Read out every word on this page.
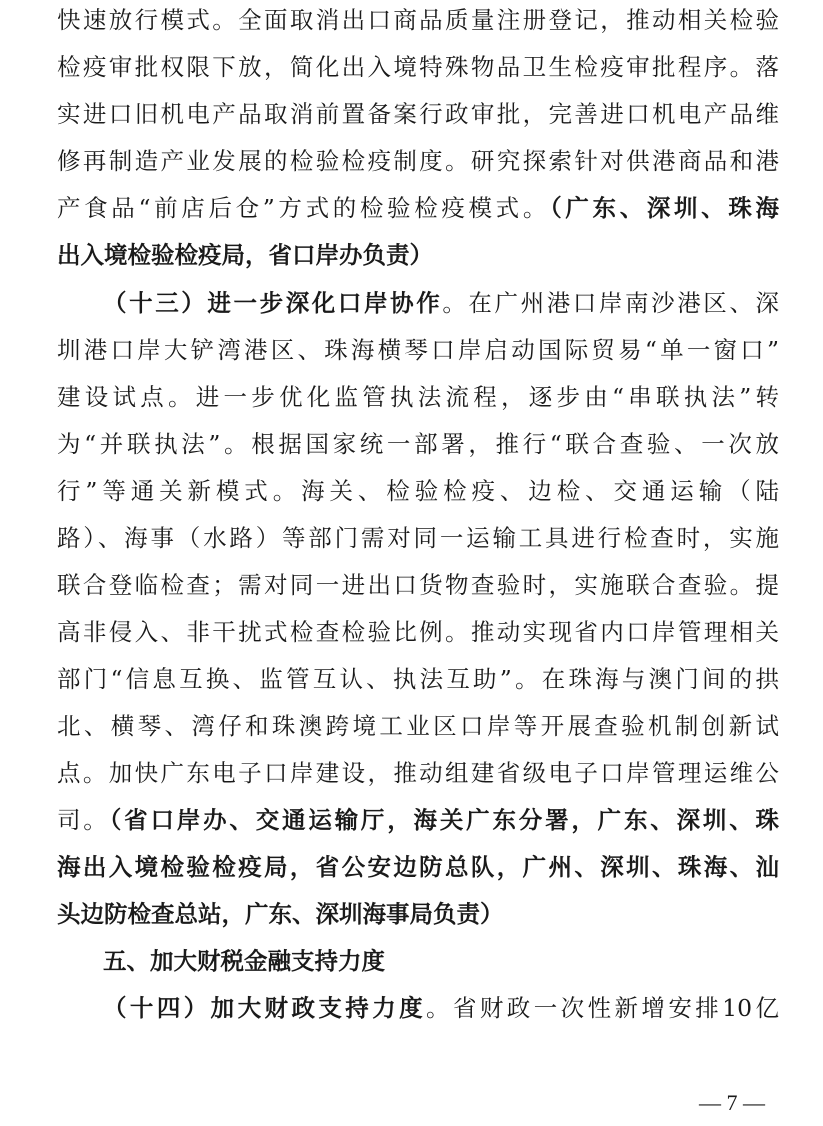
快速放行模式。全面取消出口商品质量注册登记，推动相关检验
检疫审批权限下放，简化出入境特殊物品卫生检疫审批程序。落
实进口旧机电产品取消前置备案行政审批，完善进口机电产品维
修再制造产业发展的检验检疫制度。研究探索针对供港商品和港
产食品“前店后仓”方式的检验检疫模式。（广东、深圳、珠海
出入境检验检疫局，省口岸办负责）
（十三）进一步深化口岸协作。在广州港口岸南沙港区、深
圳港口岸大铲湾港区、珠海横琴口岸启动国际贸易“单一窗口”
建设试点。进一步优化监管执法流程，逐步由“串联执法”转
为“并联执法”。根据国家统一部署，推行“联合查验、一次放
行”等通关新模式。海关、检验检疫、边检、交通运输（陆
路）、海事（水路）等部门需对同一运输工具进行检查时，实施
联合登临检查；需对同一进出口货物查验时，实施联合查验。提
高非侵入、非干扰式检查检验比例。推动实现省内口岸管理相关
部门“信息互换、监管互认、执法互助”。在珠海与澳门间的拱
北、横琴、湾仔和珠澳跨境工业区口岸等开展查验机制创新试
点。加快广东电子口岸建设，推动组建省级电子口岸管理运维公
司。（省口岸办、交通运输厅，海关广东分署，广东、深圳、珠
海出入境检验检疫局，省公安边防总队，广州、深圳、珠海、汕
头边防检查总站，广东、深圳海事局负责）
五、加大财税金融支持力度
（十四）加大财政支持力度。省财政一次性新增安排10亿
— 7 —
